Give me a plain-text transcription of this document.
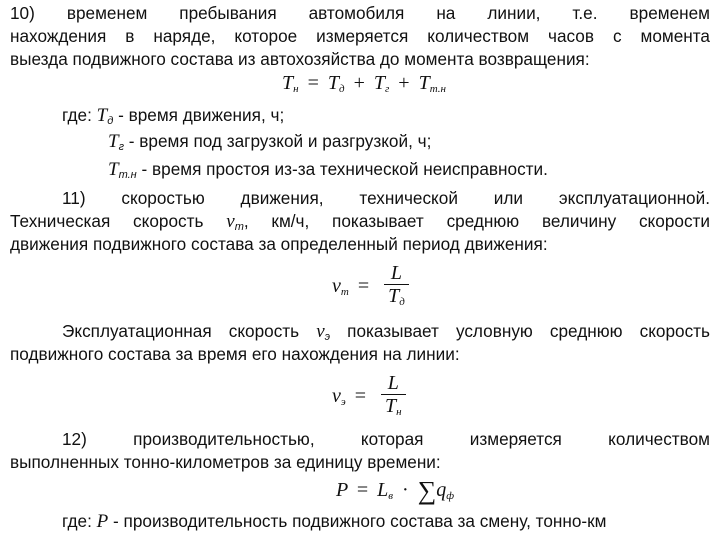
10) временем пребывания автомобиля на линии, т.е. временем
нахождения в наряде, которое измеряется количеством часов с момента
выезда подвижного состава из автохозяйства до момента возвращения:
$T_н = T_д + T_г + T_{т.н}$
где: $T_д$ - время движения, ч;
$T_г$ - время под загрузкой и разгрузкой, ч;
$T_{т.н}$ - время простоя из-за технической неисправности.
11) скоростью движения, технической или эксплуатационной.
Техническая скорость $v_т$, км/ч, показывает среднюю величину скорости
движения подвижного состава за определенный период движения:
$v_т = \frac{L}{T_д}$
Эксплуатационная скорость $v_э$ показывает условную среднюю скорость
подвижного состава за время его нахождения на линии:
$v_э = \frac{L}{T_н}$
12) производительностью, которая измеряется количеством
выполненных тонно-километров за единицу времени:
$P = L_в \cdot \sum q_ф$
где: P - производительность подвижного состава за смену, тонно-км
